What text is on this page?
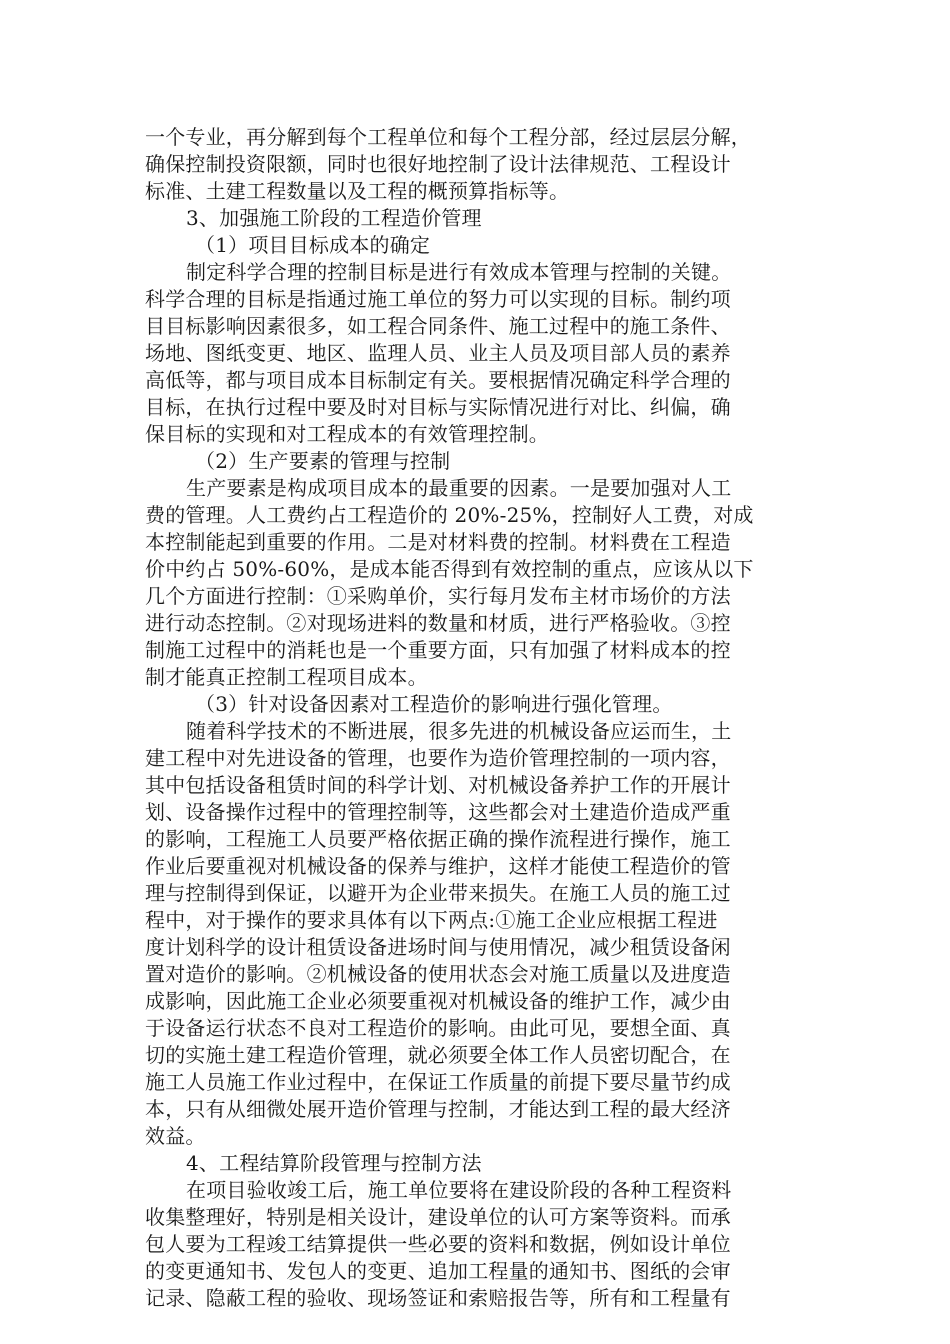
一个专业，再分解到每个工程单位和每个工程分部，经过层层分解，
确保控制投资限额，同时也很好地控制了设计法律规范、工程设计
标准、土建工程数量以及工程的概预算指标等。
3、加强施工阶段的工程造价管理
（1）项目目标成本的确定
制定科学合理的控制目标是进行有效成本管理与控制的关键。
科学合理的目标是指通过施工单位的努力可以实现的目标。制约项
目目标影响因素很多，如工程合同条件、施工过程中的施工条件、
场地、图纸变更、地区、监理人员、业主人员及项目部人员的素养
高低等，都与项目成本目标制定有关。要根据情况确定科学合理的
目标，在执行过程中要及时对目标与实际情况进行对比、纠偏，确
保目标的实现和对工程成本的有效管理控制。
（2）生产要素的管理与控制
生产要素是构成项目成本的最重要的因素。一是要加强对人工
费的管理。人工费约占工程造价的 20%-25%，控制好人工费，对成
本控制能起到重要的作用。二是对材料费的控制。材料费在工程造
价中约占 50%-60%，是成本能否得到有效控制的重点，应该从以下
几个方面进行控制：①采购单价，实行每月发布主材市场价的方法
进行动态控制。②对现场进料的数量和材质，进行严格验收。③控
制施工过程中的消耗也是一个重要方面，只有加强了材料成本的控
制才能真正控制工程项目成本。
（3）针对设备因素对工程造价的影响进行强化管理。
随着科学技术的不断进展，很多先进的机械设备应运而生，土
建工程中对先进设备的管理，也要作为造价管理控制的一项内容，
其中包括设备租赁时间的科学计划、对机械设备养护工作的开展计
划、设备操作过程中的管理控制等，这些都会对土建造价造成严重
的影响，工程施工人员要严格依据正确的操作流程进行操作，施工
作业后要重视对机械设备的保养与维护，这样才能使工程造价的管
理与控制得到保证，以避开为企业带来损失。在施工人员的施工过
程中，对于操作的要求具体有以下两点:①施工企业应根据工程进
度计划科学的设计租赁设备进场时间与使用情况，减少租赁设备闲
置对造价的影响。②机械设备的使用状态会对施工质量以及进度造
成影响，因此施工企业必须要重视对机械设备的维护工作，减少由
于设备运行状态不良对工程造价的影响。由此可见，要想全面、真
切的实施土建工程造价管理，就必须要全体工作人员密切配合，在
施工人员施工作业过程中，在保证工作质量的前提下要尽量节约成
本，只有从细微处展开造价管理与控制，才能达到工程的最大经济
效益。
4、工程结算阶段管理与控制方法
在项目验收竣工后，施工单位要将在建设阶段的各种工程资料
收集整理好，特别是相关设计，建设单位的认可方案等资料。而承
包人要为工程竣工结算提供一些必要的资料和数据，例如设计单位
的变更通知书、发包人的变更、追加工程量的通知书、图纸的会审
记录、隐蔽工程的验收、现场签证和索赔报告等，所有和工程量有
